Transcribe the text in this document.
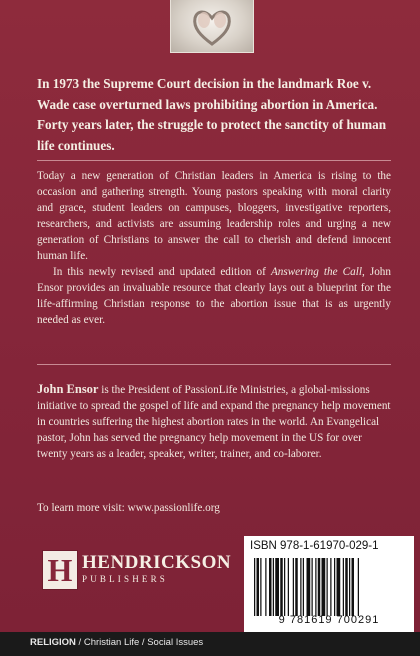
In 1973 the Supreme Court decision in the landmark Roe v. Wade case overturned laws prohibiting abortion in America. Forty years later, the struggle to protect the sanctity of human life continues.

Today a new generation of Christian leaders in America is rising to the occasion and gathering strength. Young pastors speaking with moral clarity and grace, student leaders on campuses, bloggers, investigative reporters, researchers, and activists are assuming leadership roles and urging a new generation of Christians to answer the call to cherish and defend innocent human life.

In this newly revised and updated edition of Answering the Call, John Ensor provides an invaluable resource that clearly lays out a blueprint for the life-affirming Christian response to the abortion issue that is as urgently needed as ever.

John Ensor is the President of PassionLife Ministries, a global-missions initiative to spread the gospel of life and expand the pregnancy help movement in countries suffering the highest abortion rates in the world. An Evangelical pastor, John has served the pregnancy help movement in the US for over twenty years as a leader, speaker, writer, trainer, and co-laborer.

To learn more visit: www.passionlife.org

H HENDRICKSON
PUBLISHERS
ISBN 978-1-61970-029-1
9 781619 700291
RELIGION / Christian Life / Social Issues
